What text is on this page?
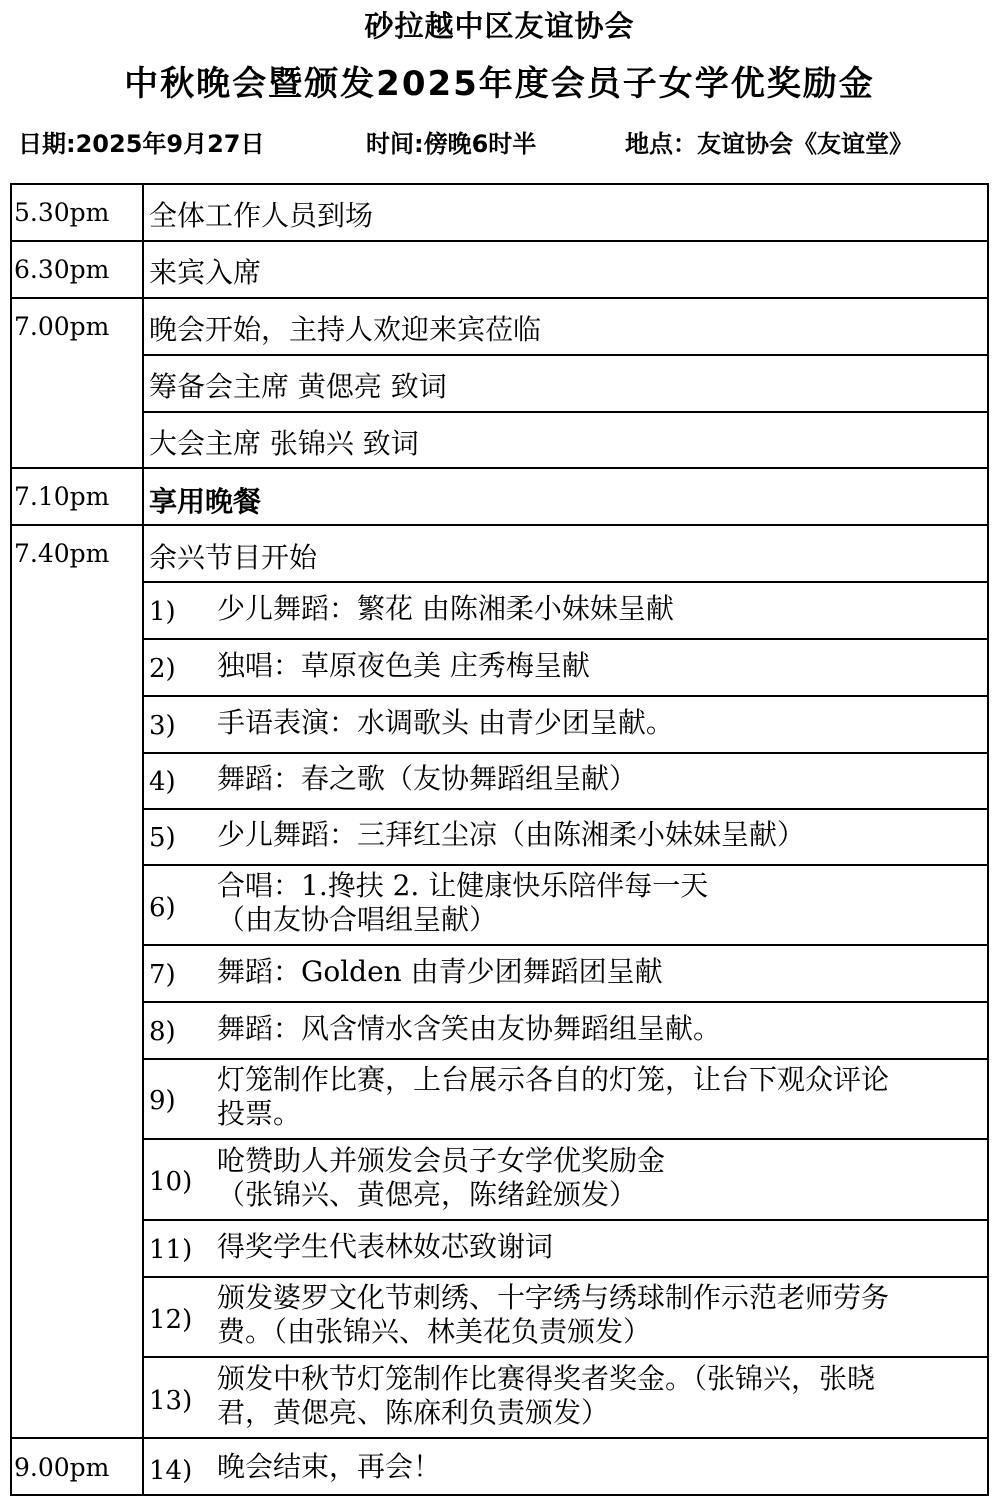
砂拉越中区友谊协会
中秋晚会暨颁发2025年度会员子女学优奖励金
日期:2025年9月27日	时间:傍晚6时半	地点：友谊协会《友谊堂》
5.30pm
6.30pm
7.00pm
7.10pm
7.40pm
9.00pm
全体工作人员到场
来宾入席
晚会开始，主持人欢迎来宾莅临
筹备会主席 黄偲亮 致词
大会主席 张锦兴 致词
享用晚餐
余兴节目开始
1) 少儿舞蹈：繁花 由陈湘柔小妹妹呈献
2) 独唱：草原夜色美 庄秀梅呈献
3) 手语表演：水调歌头 由青少团呈献。
4) 舞蹈：春之歌（友协舞蹈组呈献）
5) 少儿舞蹈：三拜红尘凉（由陈湘柔小妹妹呈献）
6)
合唱：1.搀扶 2. 让健康快乐陪伴每一天
（由友协合唱组呈献）
7) 舞蹈：Golden 由青少团舞蹈团呈献
8) 舞蹈：风含情水含笑由友协舞蹈组呈献。
9)
灯笼制作比赛，上台展示各自的灯笼，让台下观众评论
投票。
10)
呛赞助人并颁发会员子女学优奖励金
（张锦兴、黄偲亮，陈绪銓颁发）
11) 得奖学生代表林奻芯致谢词
12)
颁发婆罗文化节刺绣、十字绣与绣球制作示范老师劳务
费。（由张锦兴、林美花负责颁发）
13)
颁发中秋节灯笼制作比赛得奖者奖金。（张锦兴，张晓
君，黄偲亮、陈庥利负责颁发）
14) 晚会结束，再会！
